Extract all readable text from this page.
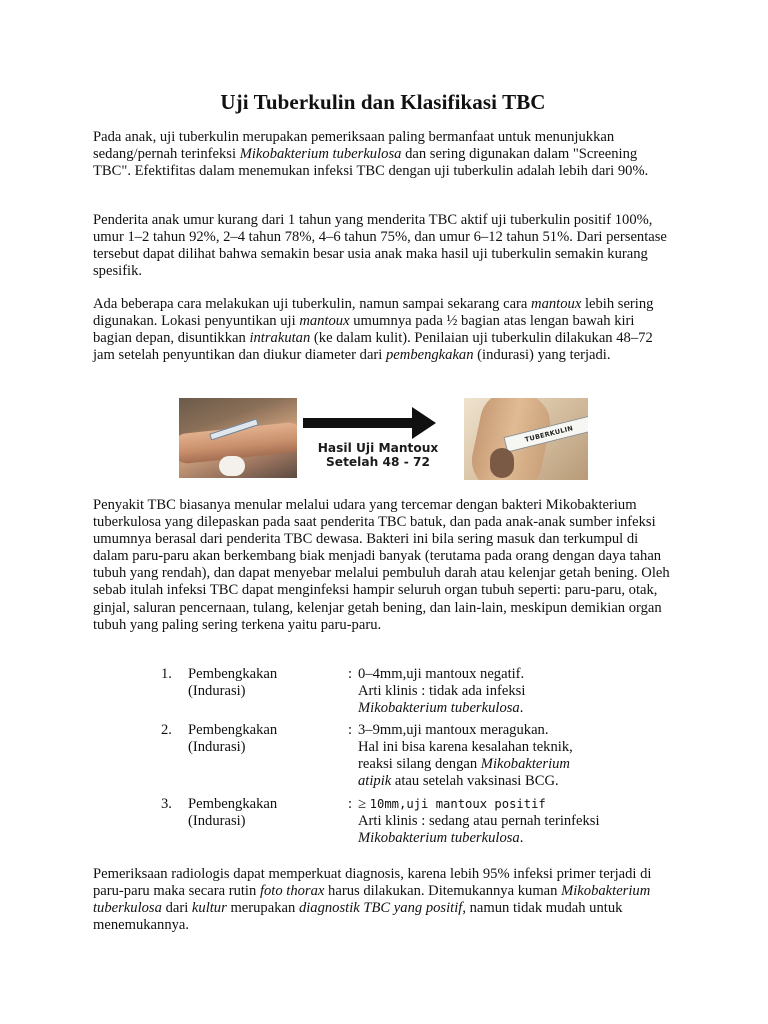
Uji Tuberkulin dan Klasifikasi TBC

Pada anak, uji tuberkulin merupakan pemeriksaan paling bermanfaat untuk menunjukkan sedang/pernah terinfeksi Mikobakterium tuberkulosa dan sering digunakan dalam "Screening TBC". Efektifitas dalam menemukan infeksi TBC dengan uji tuberkulin adalah lebih dari 90%.

Penderita anak umur kurang dari 1 tahun yang menderita TBC aktif uji tuberkulin positif 100%, umur 1–2 tahun 92%, 2–4 tahun 78%, 4–6 tahun 75%, dan umur 6–12 tahun 51%. Dari persentase tersebut dapat dilihat bahwa semakin besar usia anak maka hasil uji tuberkulin semakin kurang spesifik.

Ada beberapa cara melakukan uji tuberkulin, namun sampai sekarang cara mantoux lebih sering digunakan. Lokasi penyuntikan uji mantoux umumnya pada ½ bagian atas lengan bawah kiri bagian depan, disuntikkan intrakutan (ke dalam kulit). Penilaian uji tuberkulin dilakukan 48–72 jam setelah penyuntikan dan diukur diameter dari pembengkakan (indurasi) yang terjadi.

Hasil Uji Mantoux
Setelah 48 - 72
TUBERKULIN

Penyakit TBC biasanya menular melalui udara yang tercemar dengan bakteri Mikobakterium tuberkulosa yang dilepaskan pada saat penderita TBC batuk, dan pada anak-anak sumber infeksi umumnya berasal dari penderita TBC dewasa. Bakteri ini bila sering masuk dan terkumpul di dalam paru-paru akan berkembang biak menjadi banyak (terutama pada orang dengan daya tahan tubuh yang rendah), dan dapat menyebar melalui pembuluh darah atau kelenjar getah bening. Oleh sebab itulah infeksi TBC dapat menginfeksi hampir seluruh organ tubuh seperti: paru-paru, otak, ginjal, saluran pencernaan, tulang, kelenjar getah bening, dan lain-lain, meskipun demikian organ tubuh yang paling sering terkena yaitu paru-paru.

1. Pembengkakan
(Indurasi)
: 0–4mm,uji mantoux negatif.
Arti klinis : tidak ada infeksi
Mikobakterium tuberkulosa.
2. Pembengkakan
(Indurasi)
: 3–9mm,uji mantoux meragukan.
Hal ini bisa karena kesalahan teknik,
reaksi silang dengan Mikobakterium
atipik atau setelah vaksinasi BCG.
3. Pembengkakan
(Indurasi)
: ≥ 10mm,uji mantoux positif
Arti klinis : sedang atau pernah terinfeksi
Mikobakterium tuberkulosa.

Pemeriksaan radiologis dapat memperkuat diagnosis, karena lebih 95% infeksi primer terjadi di paru-paru maka secara rutin foto thorax harus dilakukan. Ditemukannya kuman Mikobakterium tuberkulosa dari kultur merupakan diagnostik TBC yang positif, namun tidak mudah untuk menemukannya.
